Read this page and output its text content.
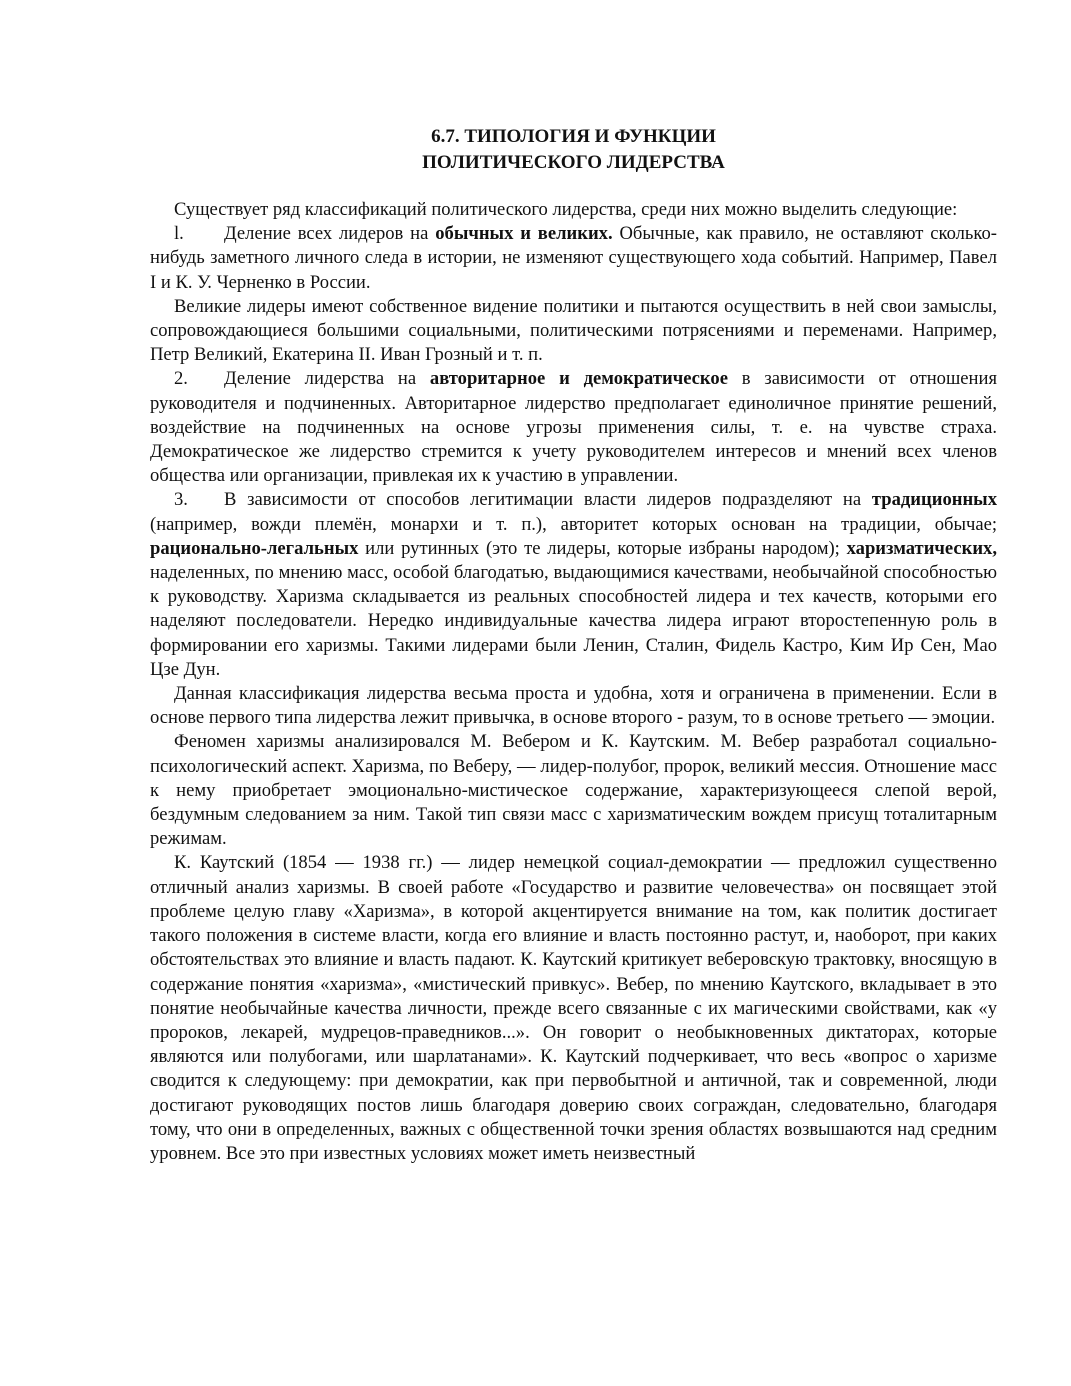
6.7. ТИПОЛОГИЯ И ФУНКЦИИ
ПОЛИТИЧЕСКОГО ЛИДЕРСТВА

Существует ряд классификаций политического лидерства, среди них можно выделить следующие:

l. Деление всех лидеров на обычных и великих. Обычные, как правило, не оставляют сколько-нибудь заметного личного следа в истории, не изменяют существующего хода событий. Например, Павел I и К. У. Черненко в России.

Великие лидеры имеют собственное видение политики и пытаются осуществить в ней свои замыслы, сопровождающиеся большими социальными, политическими потрясениями и переменами. Например, Петр Великий, Екатерина II. Иван Грозный и т. п.

2. Деление лидерства на авторитарное и демократическое в зависимости от отношения руководителя и подчиненных. Авторитарное лидерство предполагает единоличное принятие решений, воздействие на подчиненных на основе угрозы применения силы, т. е. на чувстве страха. Демократическое же лидерство стремится к учету руководителем интересов и мнений всех членов общества или организации, привлекая их к участию в управлении.

3. В зависимости от способов легитимации власти лидеров подразделяют на традиционных (например, вожди племён, монархи и т. п.), авторитет которых основан на традиции, обычае; рационально-легальных или рутинных (это те лидеры, которые избраны народом); харизматических, наделенных, по мнению масс, особой благодатью, выдающимися качествами, необычайной способностью к руководству. Харизма складывается из реальных способностей лидера и тех качеств, которыми его наделяют последователи. Нередко индивидуальные качества лидера играют второстепенную роль в формировании его харизмы. Такими лидерами были Ленин, Сталин, Фидель Кастро, Ким Ир Сен, Мао Цзе Дун.

Данная классификация лидерства весьма проста и удобна, хотя и ограничена в применении. Если в основе первого типа лидерства лежит привычка, в основе второго - разум, то в основе третьего — эмоции.

Феномен харизмы анализировался М. Вебером и К. Каутским. М. Вебер разработал социально-психологический аспект. Харизма, по Веберу, — лидер-полубог, пророк, великий мессия. Отношение масс к нему приобретает эмоционально-мистическое содержание, характеризующееся слепой верой, бездумным следованием за ним. Такой тип связи масс с харизматическим вождем присущ тоталитарным режимам.

К. Каутский (1854 — 1938 гг.) — лидер немецкой социал-демократии — предложил существенно отличный анализ харизмы. В своей работе «Государство и развитие человечества» он посвящает этой проблеме целую главу «Харизма», в которой акцентируется внимание на том, как политик достигает такого положения в системе власти, когда его влияние и власть постоянно растут, и, наоборот, при каких обстоятельствах это влияние и власть падают. К. Каутский критикует веберовскую трактовку, вносящую в содержание понятия «харизма», «мистический привкус». Вебер, по мнению Каутского, вкладывает в это понятие необычайные качества личности, прежде всего связанные с их магическими свойствами, как «у пророков, лекарей, мудрецов-праведников...». Он говорит о необыкновенных диктаторах, которые являются или полубогами, или шарлатанами». К. Каутский подчеркивает, что весь «вопрос о харизме сводится к следующему: при демократии, как при первобытной и античной, так и современной, люди достигают руководящих постов лишь благодаря доверию своих сограждан, следовательно, благодаря тому, что они в определенных, важных с общественной точки зрения областях возвышаются над средним уровнем. Все это при известных условиях может иметь неизвестный
